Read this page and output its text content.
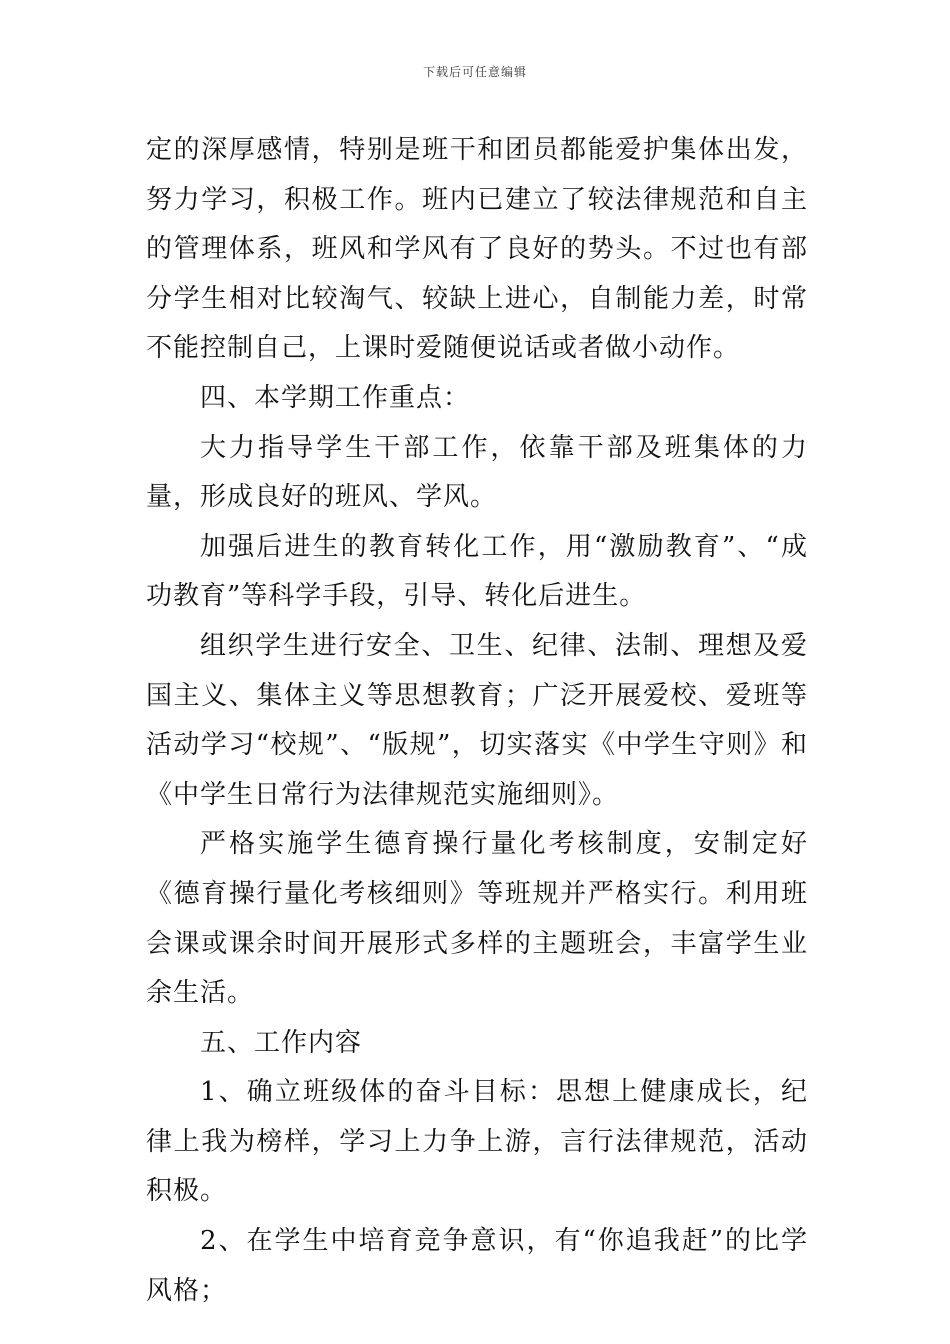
下载后可任意编辑

定的深厚感情，特别是班干和团员都能爱护集体出发，努力学习，积极工作。班内已建立了较法律规范和自主的管理体系，班风和学风有了良好的势头。不过也有部分学生相对比较淘气、较缺上进心，自制能力差，时常不能控制自己，上课时爱随便说话或者做小动作。

四、本学期工作重点：

大力指导学生干部工作，依靠干部及班集体的力量，形成良好的班风、学风。

加强后进生的教育转化工作，用“激励教育”、“成功教育”等科学手段，引导、转化后进生。

组织学生进行安全、卫生、纪律、法制、理想及爱国主义、集体主义等思想教育；广泛开展爱校、爱班等活动学习“校规”、“版规”，切实落实《中学生守则》和《中学生日常行为法律规范实施细则》。

严格实施学生德育操行量化考核制度，安制定好《德育操行量化考核细则》等班规并严格实行。利用班会课或课余时间开展形式多样的主题班会，丰富学生业余生活。

五、工作内容

1、确立班级体的奋斗目标：思想上健康成长，纪律上我为榜样，学习上力争上游，言行法律规范，活动积极。

2、在学生中培育竞争意识，有“你追我赶”的比学风格；
